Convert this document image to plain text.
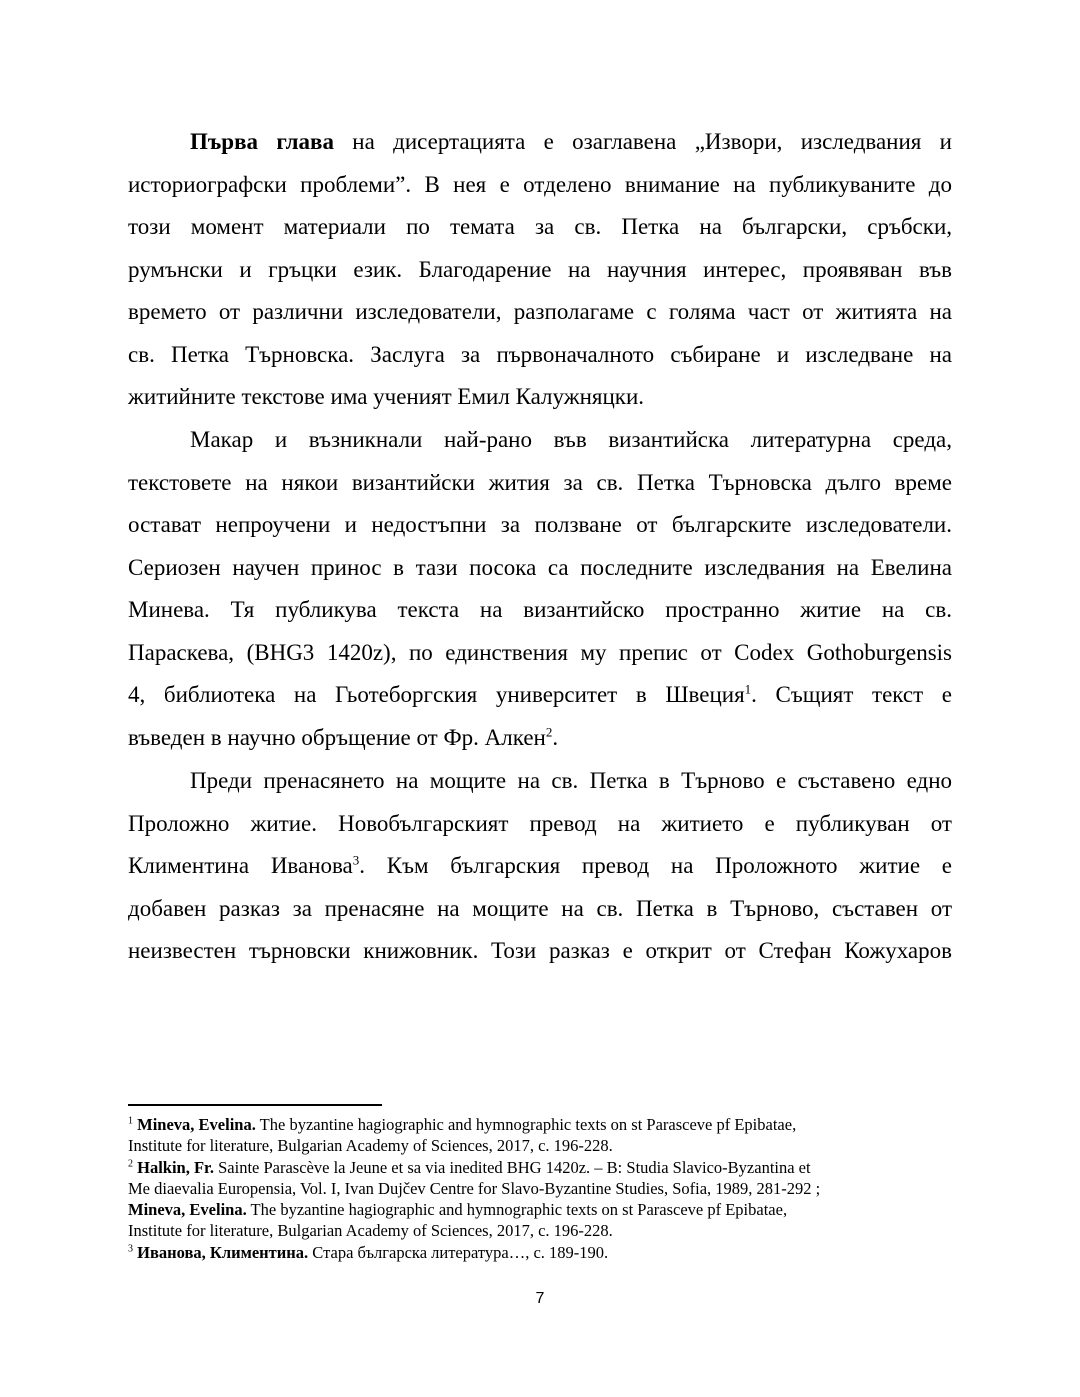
Първа глава на дисертацията е озаглавена „Извори, изследвания и
историографски проблеми”. В нея е отделено внимание на публикуваните до
този момент материали по темата за св. Петка на български, сръбски,
румънски и гръцки език. Благодарение на научния интерес, проявяван във
времето от различни изследователи, разполагаме с голяма част от житията на
св. Петка Търновска. Заслуга за първоначалното събиране и изследване на
житийните текстове има ученият Емил Калужняцки.
Макар и възникнали най-рано във византийска литературна среда,
текстовете на някои византийски жития за св. Петка Търновска дълго време
остават непроучени и недостъпни за ползване от българските изследователи.
Сериозен научен принос в тази посока са последните изследвания на Евелина
Минева. Тя публикува текста на византийско пространно житие на св.
Параскева, (BHG3 1420z), по единствения му препис от Codex Gothoburgensis
4, библиотека на Гьотеборгския университет в Швеция$^1$. Същият текст е
въведен в научно обръщение от Фр. Алкен$^2$.
Преди пренасянето на мощите на св. Петка в Търново е съставено едно
Проложно житие. Новобългарският превод на житието е публикуван от
Климентина Иванова$^3$. Към българския превод на Проложното житие е
добавен разказ за пренасяне на мощите на св. Петка в Търново, съставен от
неизвестен търновски книжовник. Този разказ е открит от Стефан Кожухаров
$^1$ Mineva, Evelina. The byzantine hagiographic and hymnographic texts on st Parasceve pf Epibatae,
Institute for literature, Bulgarian Academy of Sciences, 2017, с. 196-228.
$^2$ Halkin, Fr. Sainte Parascève la Jeune et sa via inedited BHG 1420z. – B: Studia Slavico-Byzantina et
Me diaevalia Europensia, Vol. I, Ivan Dujčev Centre for Slavo-Byzantine Studies, Sofia, 1989, 281-292 ;
Mineva, Evelina. The byzantine hagiographic and hymnographic texts on st Parasceve pf Epibatae,
Institute for literature, Bulgarian Academy of Sciences, 2017, с. 196-228.
$^3$ Иванова, Климентина. Стара българска литература…, с. 189-190.
7
